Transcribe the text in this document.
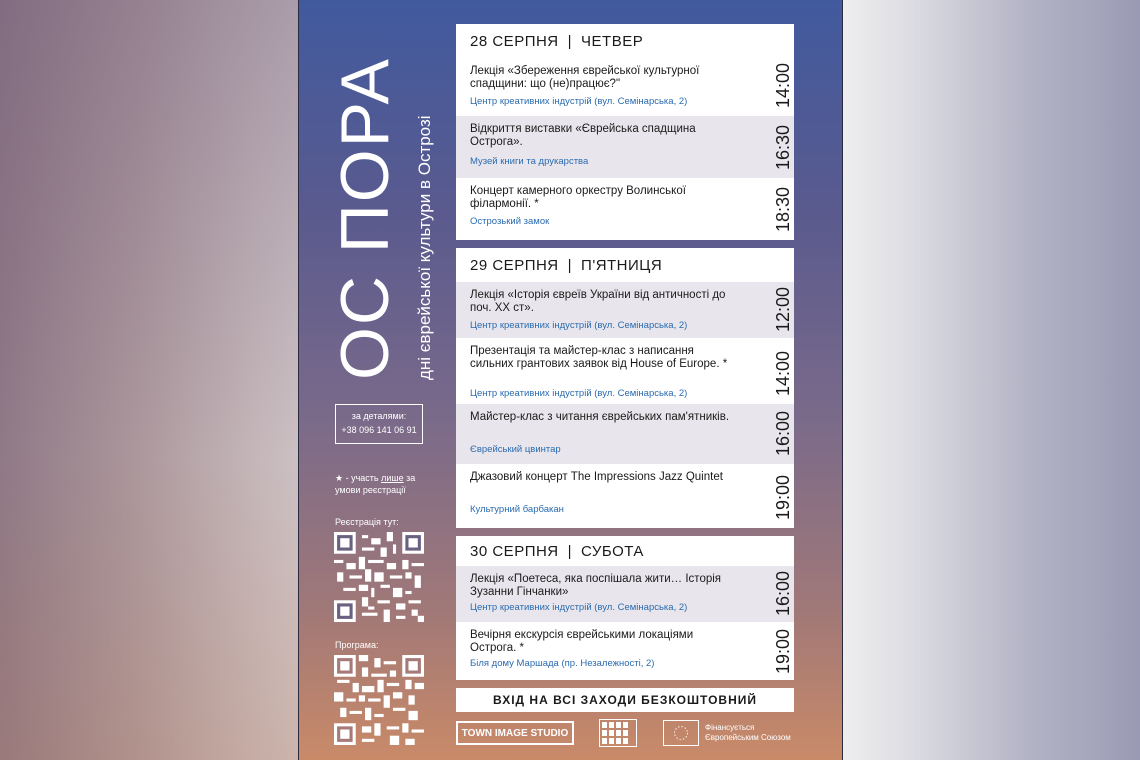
ОС ПОРА дні єврейської культури в Острозі
за деталями:
+38 096 141 06 91
★ - участь лише за умови реєстрації
Реєстрація тут:
Програма:
28 СЕРПНЯ | ЧЕТВЕР
Лекція «Збереження єврейської культурної спадщини: що (не)працює?"
Центр креативних індустрій (вул. Семінарська, 2)	14:00
Відкриття виставки «Єврейська спадщина Острога».
Музей книги та друкарства	16:30
Концерт камерного оркестру Волинської філармонії. *
Острозький замок	18:30
29 СЕРПНЯ | П'ЯТНИЦЯ
Лекція «Історія євреїв України від античності до поч. ХХ ст».
Центр креативних індустрій (вул. Семінарська, 2)	12:00
Презентація та майстер-клас з написання сильних грантових заявок від House of Europe. *
Центр креативних індустрій (вул. Семінарська, 2)	14:00
Майстер-клас з читання єврейських пам'ятників.
Єврейський цвинтар	16:00
Джазовий концерт The Impressions Jazz Quintet
Культурний барбакан	19:00
30 СЕРПНЯ | СУБОТА
Лекція «Поетеса, яка поспішала жити… Історія Зузанни Гінчанки»
Центр креативних індустрій (вул. Семінарська, 2)	16:00
Вечірня екскурсія єврейськими локаціями Острога. *
Біля дому Маршада (пр. Незалежності, 2)	19:00
ВХІД НА ВСІ ЗАХОДИ БЕЗКОШТОВНИЙ
TOWN IMAGE STUDIO	Фінансується
Європейським Союзом
